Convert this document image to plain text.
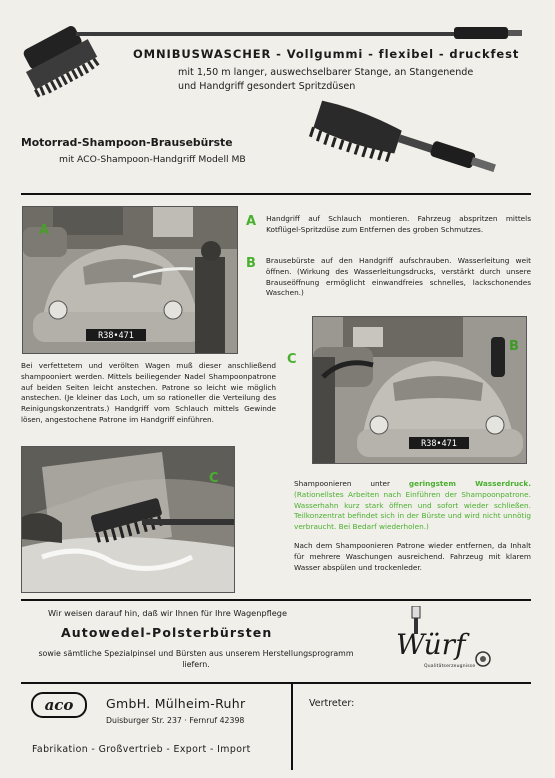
OMNIBUSWASCHER - Vollgummi - flexibel - druckfest
mit 1,50 m langer, auswechselbarer Stange, an Stangenende
und Handgriff gesondert Spritzdüsen
Motorrad-Shampoon-Brausebürste
mit ACO-Shampoon-Handgriff Modell MB
R38•471
A
A Handgriff auf Schlauch montieren. Fahrzeug abspritzen mittels Kotflügel-Spritzdüse zum Entfernen des groben Schmutzes.
B Brausebürste auf den Handgriff aufschrauben. Wasserleitung weit öffnen. (Wirkung des Wasserleitungsdrucks, verstärkt durch unsere Brauseöffnung ermöglicht einwandfreies schnelles, lackschonendes Waschen.)
R38•471
B
C
Bei verfettetem und verölten Wagen muß dieser anschließend shampooniert werden. Mittels beiliegender Nadel Shampoonpatrone auf beiden Seiten leicht anstechen. Patrone so leicht wie möglich anstechen. (Je kleiner das Loch, um so rationeller die Verteilung des Reinigungskonzentrats.) Handgriff vom Schlauch mittels Gewinde lösen, angestochene Patrone im Handgriff einführen.
C	Shampoonieren unter geringstem Wasserdruck. (Rationellstes Arbeiten nach Einführen der Shampoonpatrone. Wasserhahn kurz stark öffnen und sofort wieder schließen. Teilkonzentrat befindet sich in der Bürste und wird nicht unnötig verbraucht. Bei Bedarf wiederholen.)
Nach dem Shampoonieren Patrone wieder entfernen, da Inhalt für mehrere Waschungen ausreichend. Fahrzeug mit klarem Wasser abspülen und trockenleder.
Wir weisen darauf hin, daß wir Ihnen für Ihre Wagenpflege
Autowedel-Polsterbürsten
sowie sämtliche Spezialpinsel und Bürsten aus unserem Herstellungsprogramm liefern.
Würf
Qualitätserzeugnisse
aco	GmbH. Mülheim-Ruhr
Duisburger Str. 237 · Fernruf 42398
Fabrikation - Großvertrieb - Export - Import
Vertreter:
